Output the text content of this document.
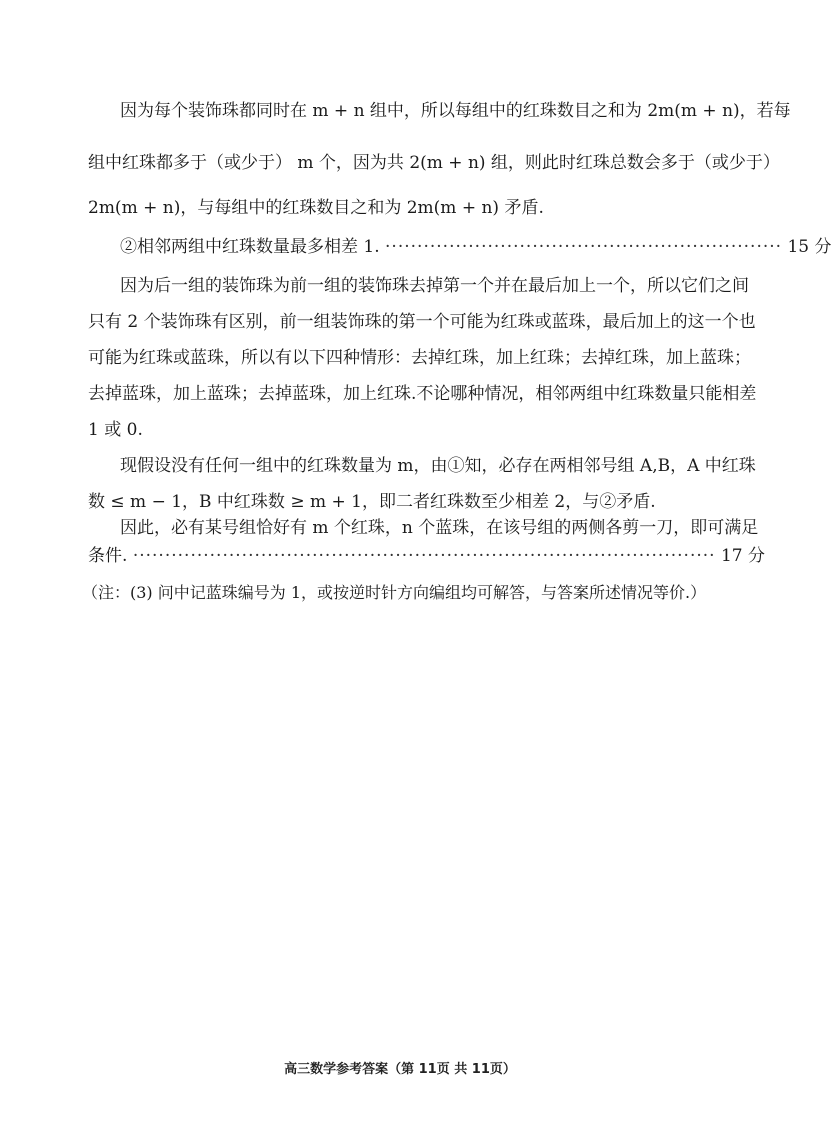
因为每个装饰珠都同时在 m + n 组中，所以每组中的红珠数目之和为 2m(m + n)，若每
组中红珠都多于（或少于） m 个，因为共 2(m + n) 组，则此时红珠总数会多于（或少于）
2m(m + n)，与每组中的红珠数目之和为 2m(m + n) 矛盾.
②相邻两组中红珠数量最多相差 1. ······························································ 15 分
因为后一组的装饰珠为前一组的装饰珠去掉第一个并在最后加上一个，所以它们之间
只有 2 个装饰珠有区别，前一组装饰珠的第一个可能为红珠或蓝珠，最后加上的这一个也
可能为红珠或蓝珠，所以有以下四种情形：去掉红珠，加上红珠；去掉红珠，加上蓝珠；
去掉蓝珠，加上蓝珠；去掉蓝珠，加上红珠.不论哪种情况，相邻两组中红珠数量只能相差
1 或 0.
现假设没有任何一组中的红珠数量为 m，由①知，必存在两相邻号组 A,B，A 中红珠
数 ≤ m − 1，B 中红珠数 ≥ m + 1，即二者红珠数至少相差 2，与②矛盾.
因此，必有某号组恰好有 m 个红珠，n 个蓝珠，在该号组的两侧各剪一刀，即可满足
条件. ··························································································· 17 分
（注：(3) 问中记蓝珠编号为 1，或按逆时针方向编组均可解答，与答案所述情况等价.）
高三数学参考答案（第 11页 共 11页）
